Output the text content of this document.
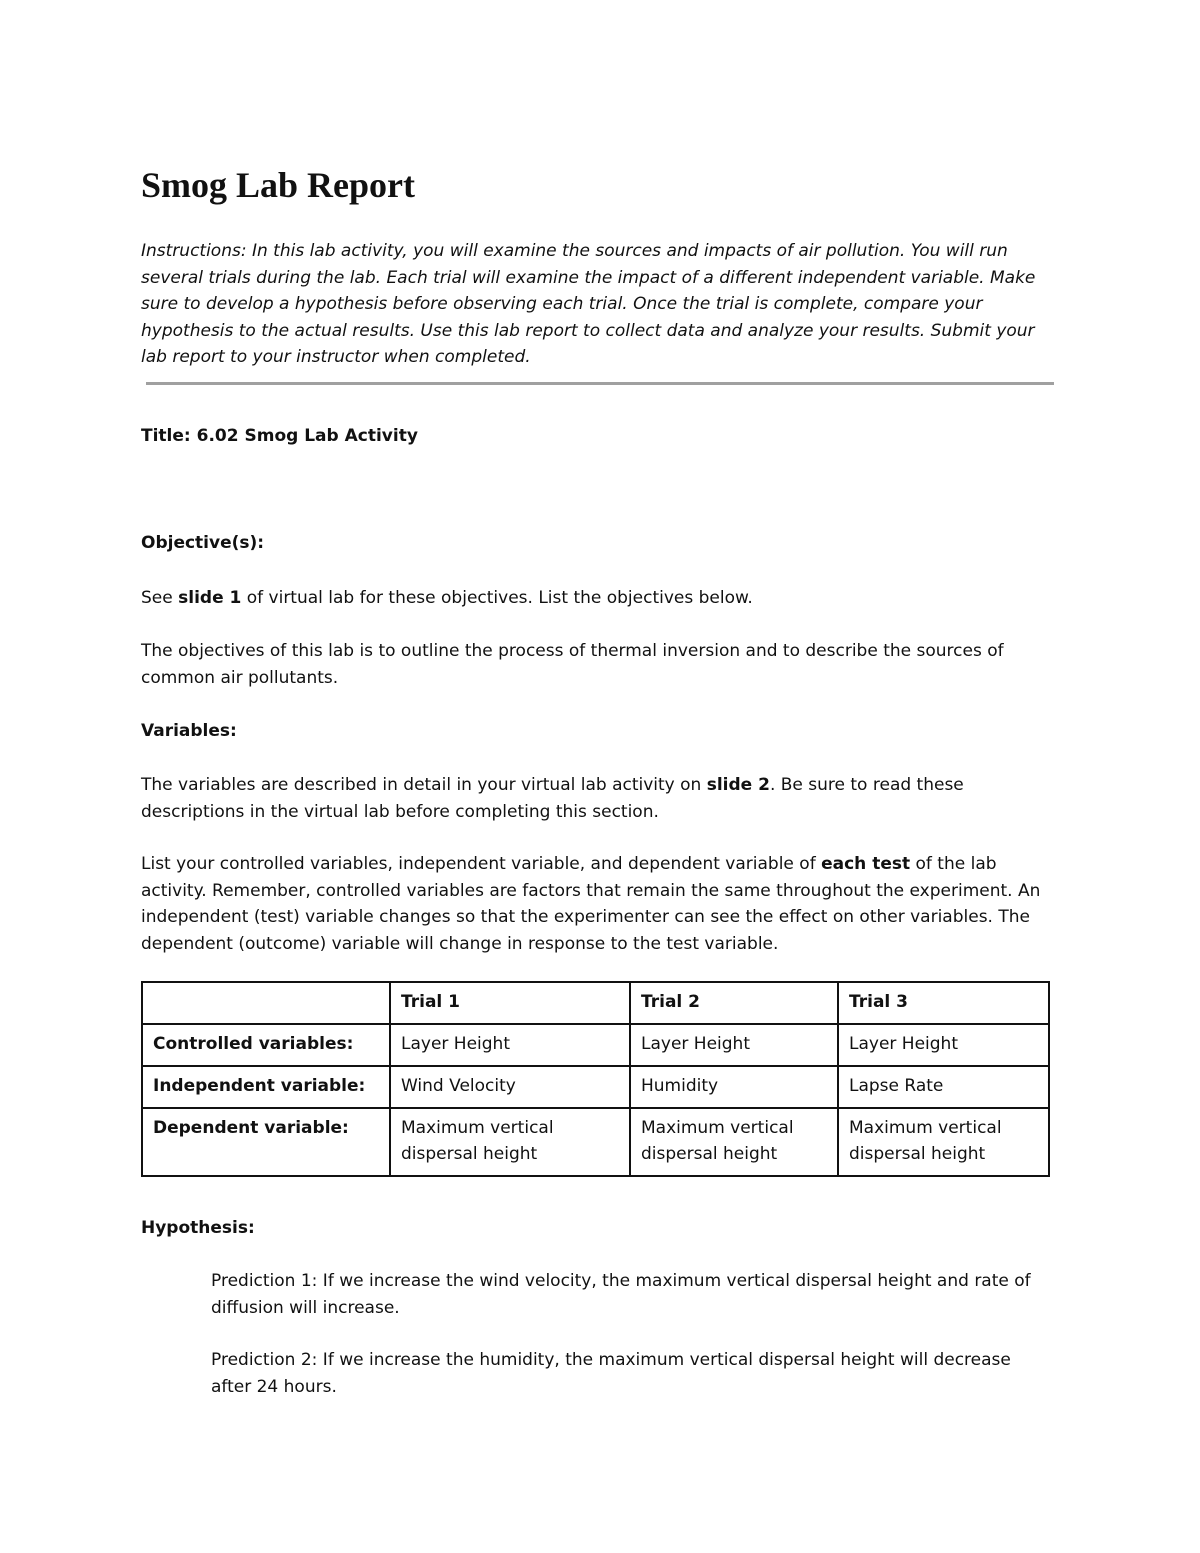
Smog Lab Report

Instructions: In this lab activity, you will examine the sources and impacts of air pollution. You will run several trials during the lab. Each trial will examine the impact of a different independent variable. Make sure to develop a hypothesis before observing each trial. Once the trial is complete, compare your hypothesis to the actual results. Use this lab report to collect data and analyze your results. Submit your lab report to your instructor when completed.

Title: 6.02 Smog Lab Activity

Objective(s):

See slide 1 of virtual lab for these objectives. List the objectives below.

The objectives of this lab is to outline the process of thermal inversion and to describe the sources of common air pollutants.

Variables:

The variables are described in detail in your virtual lab activity on slide 2. Be sure to read these descriptions in the virtual lab before completing this section.

List your controlled variables, independent variable, and dependent variable of each test of the lab activity. Remember, controlled variables are factors that remain the same throughout the experiment. An independent (test) variable changes so that the experimenter can see the effect on other variables. The dependent (outcome) variable will change in response to the test variable.

	Trial 1	Trial 2	Trial 3
Controlled variables:	Layer Height	Layer Height	Layer Height
Independent variable:	Wind Velocity	Humidity	Lapse Rate
Dependent variable:	Maximum vertical dispersal height	Maximum vertical dispersal height	Maximum vertical dispersal height

Hypothesis:

Prediction 1: If we increase the wind velocity, the maximum vertical dispersal height and rate of diffusion will increase.

Prediction 2: If we increase the humidity, the maximum vertical dispersal height will decrease after 24 hours.
